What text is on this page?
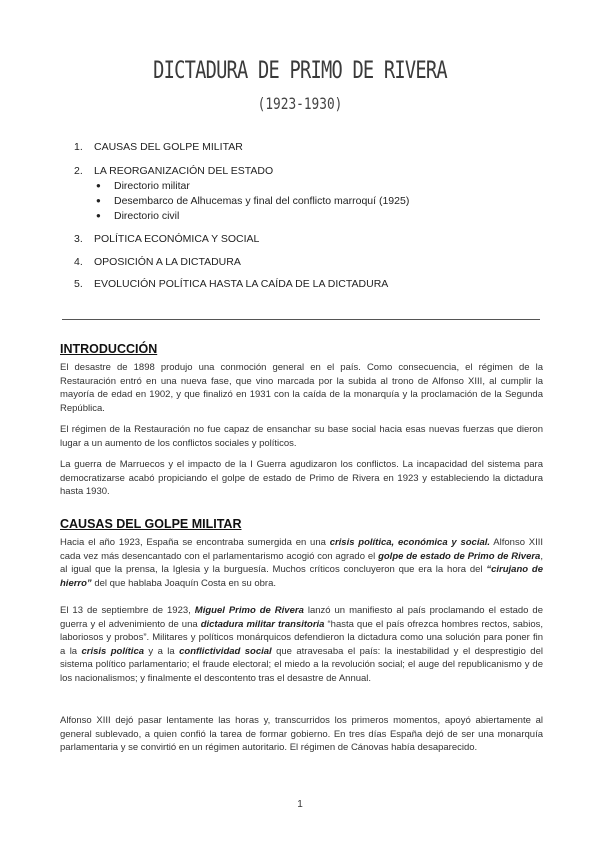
DICTADURA DE PRIMO DE RIVERA
(1923-1930)
1. CAUSAS DEL GOLPE MILITAR
2. LA REORGANIZACIÓN DEL ESTADO
● Directorio militar
● Desembarco de Alhucemas y final del conflicto marroquí (1925)
● Directorio civil
3. POLÍTICA ECONÓMICA Y SOCIAL
4. OPOSICIÓN A LA DICTADURA
5. EVOLUCIÓN POLÍTICA HASTA LA CAÍDA DE LA DICTADURA
INTRODUCCIÓN

El desastre de 1898 produjo una conmoción general en el país. Como consecuencia, el régimen de la Restauración entró en una nueva fase, que vino marcada por la subida al trono de Alfonso XIII, al cumplir la mayoría de edad en 1902, y que finalizó en 1931 con la caída de la monarquía y la proclamación de la Segunda República.

El régimen de la Restauración no fue capaz de ensanchar su base social hacia esas nuevas fuerzas que dieron lugar a un aumento de los conflictos sociales y políticos.

La guerra de Marruecos y el impacto de la I Guerra agudizaron los conflictos. La incapacidad del sistema para democratizarse acabó propiciando el golpe de estado de Primo de Rivera en 1923 y estableciendo la dictadura hasta 1930.

CAUSAS DEL GOLPE MILITAR

Hacia el año 1923, España se encontraba sumergida en una crisis política, económica y social. Alfonso XIII cada vez más desencantado con el parlamentarismo acogió con agrado el golpe de estado de Primo de Rivera, al igual que la prensa, la Iglesia y la burguesía. Muchos críticos concluyeron que era la hora del “cirujano de hierro” del que hablaba Joaquín Costa en su obra.

El 13 de septiembre de 1923, Miguel Primo de Rivera lanzó un manifiesto al país proclamando el estado de guerra y el advenimiento de una dictadura militar transitoria “hasta que el país ofrezca hombres rectos, sabios, laboriosos y probos”. Militares y políticos monárquicos defendieron la dictadura como una solución para poner fin a la crisis política y a la conflictividad social que atravesaba el país: la inestabilidad y el desprestigio del sistema político parlamentario; el fraude electoral; el miedo a la revolución social; el auge del republicanismo y de los nacionalismos; y finalmente el descontento tras el desastre de Annual.

Alfonso XIII dejó pasar lentamente las horas y, transcurridos los primeros momentos, apoyó abiertamente al general sublevado, a quien confió la tarea de formar gobierno. En tres días España dejó de ser una monarquía parlamentaria y se convirtió en un régimen autoritario. El régimen de Cánovas había desaparecido.

1
